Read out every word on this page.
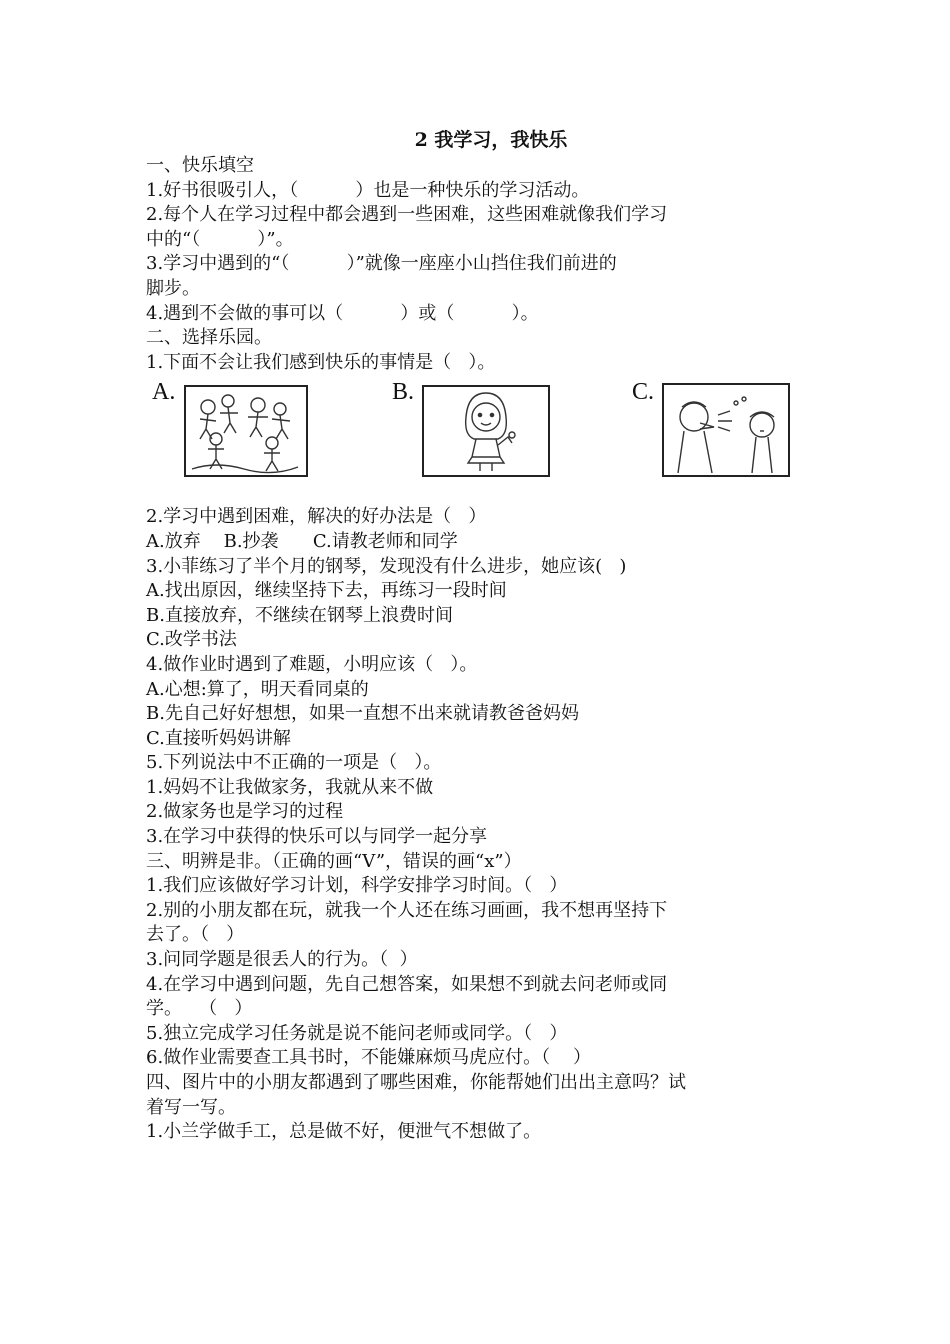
2 我学习，我快乐

一、快乐填空

1.好书很吸引人，（          ）也是一种快乐的学习活动。

2.每个人在学习过程中都会遇到一些困难，这些困难就像我们学习

中的“（          ）”。

3.学习中遇到的“（          ）”就像一座座小山挡住我们前进的

脚步。

4.遇到不会做的事可以（          ）或（          ）。

二、选择乐园。

1.下面不会让我们感到快乐的事情是（   ）。

A.	B.	C.

2.学习中遇到困难，解决的好办法是（   ）

A.放弃    B.抄袭      C.请教老师和同学

3.小菲练习了半个月的钢琴，发现没有什么进步，她应该(   )

A.找出原因，继续坚持下去，再练习一段时间

B.直接放弃，不继续在钢琴上浪费时间

C.改学书法

4.做作业时遇到了难题，小明应该（   ）。

A.心想:算了，明天看同桌的

B.先自己好好想想，如果一直想不出来就请教爸爸妈妈

C.直接听妈妈讲解

5.下列说法中不正确的一项是（   ）。

1.妈妈不让我做家务，我就从来不做

2.做家务也是学习的过程

3.在学习中获得的快乐可以与同学一起分享

三、明辨是非。（正确的画“V”，错误的画“x”）

1.我们应该做好学习计划，科学安排学习时间。（   ）

2.别的小朋友都在玩，就我一个人还在练习画画，我不想再坚持下

去了。（   ）

3.问同学题是很丢人的行为。（  ）

4.在学习中遇到问题，先自己想答案，如果想不到就去问老师或同

学。   （   ）

5.独立完成学习任务就是说不能问老师或同学。（   ）

6.做作业需要查工具书时，不能嫌麻烦马虎应付。（    ）

四、图片中的小朋友都遇到了哪些困难，你能帮她们出出主意吗？试

着写一写。

1.小兰学做手工，总是做不好，便泄气不想做了。
